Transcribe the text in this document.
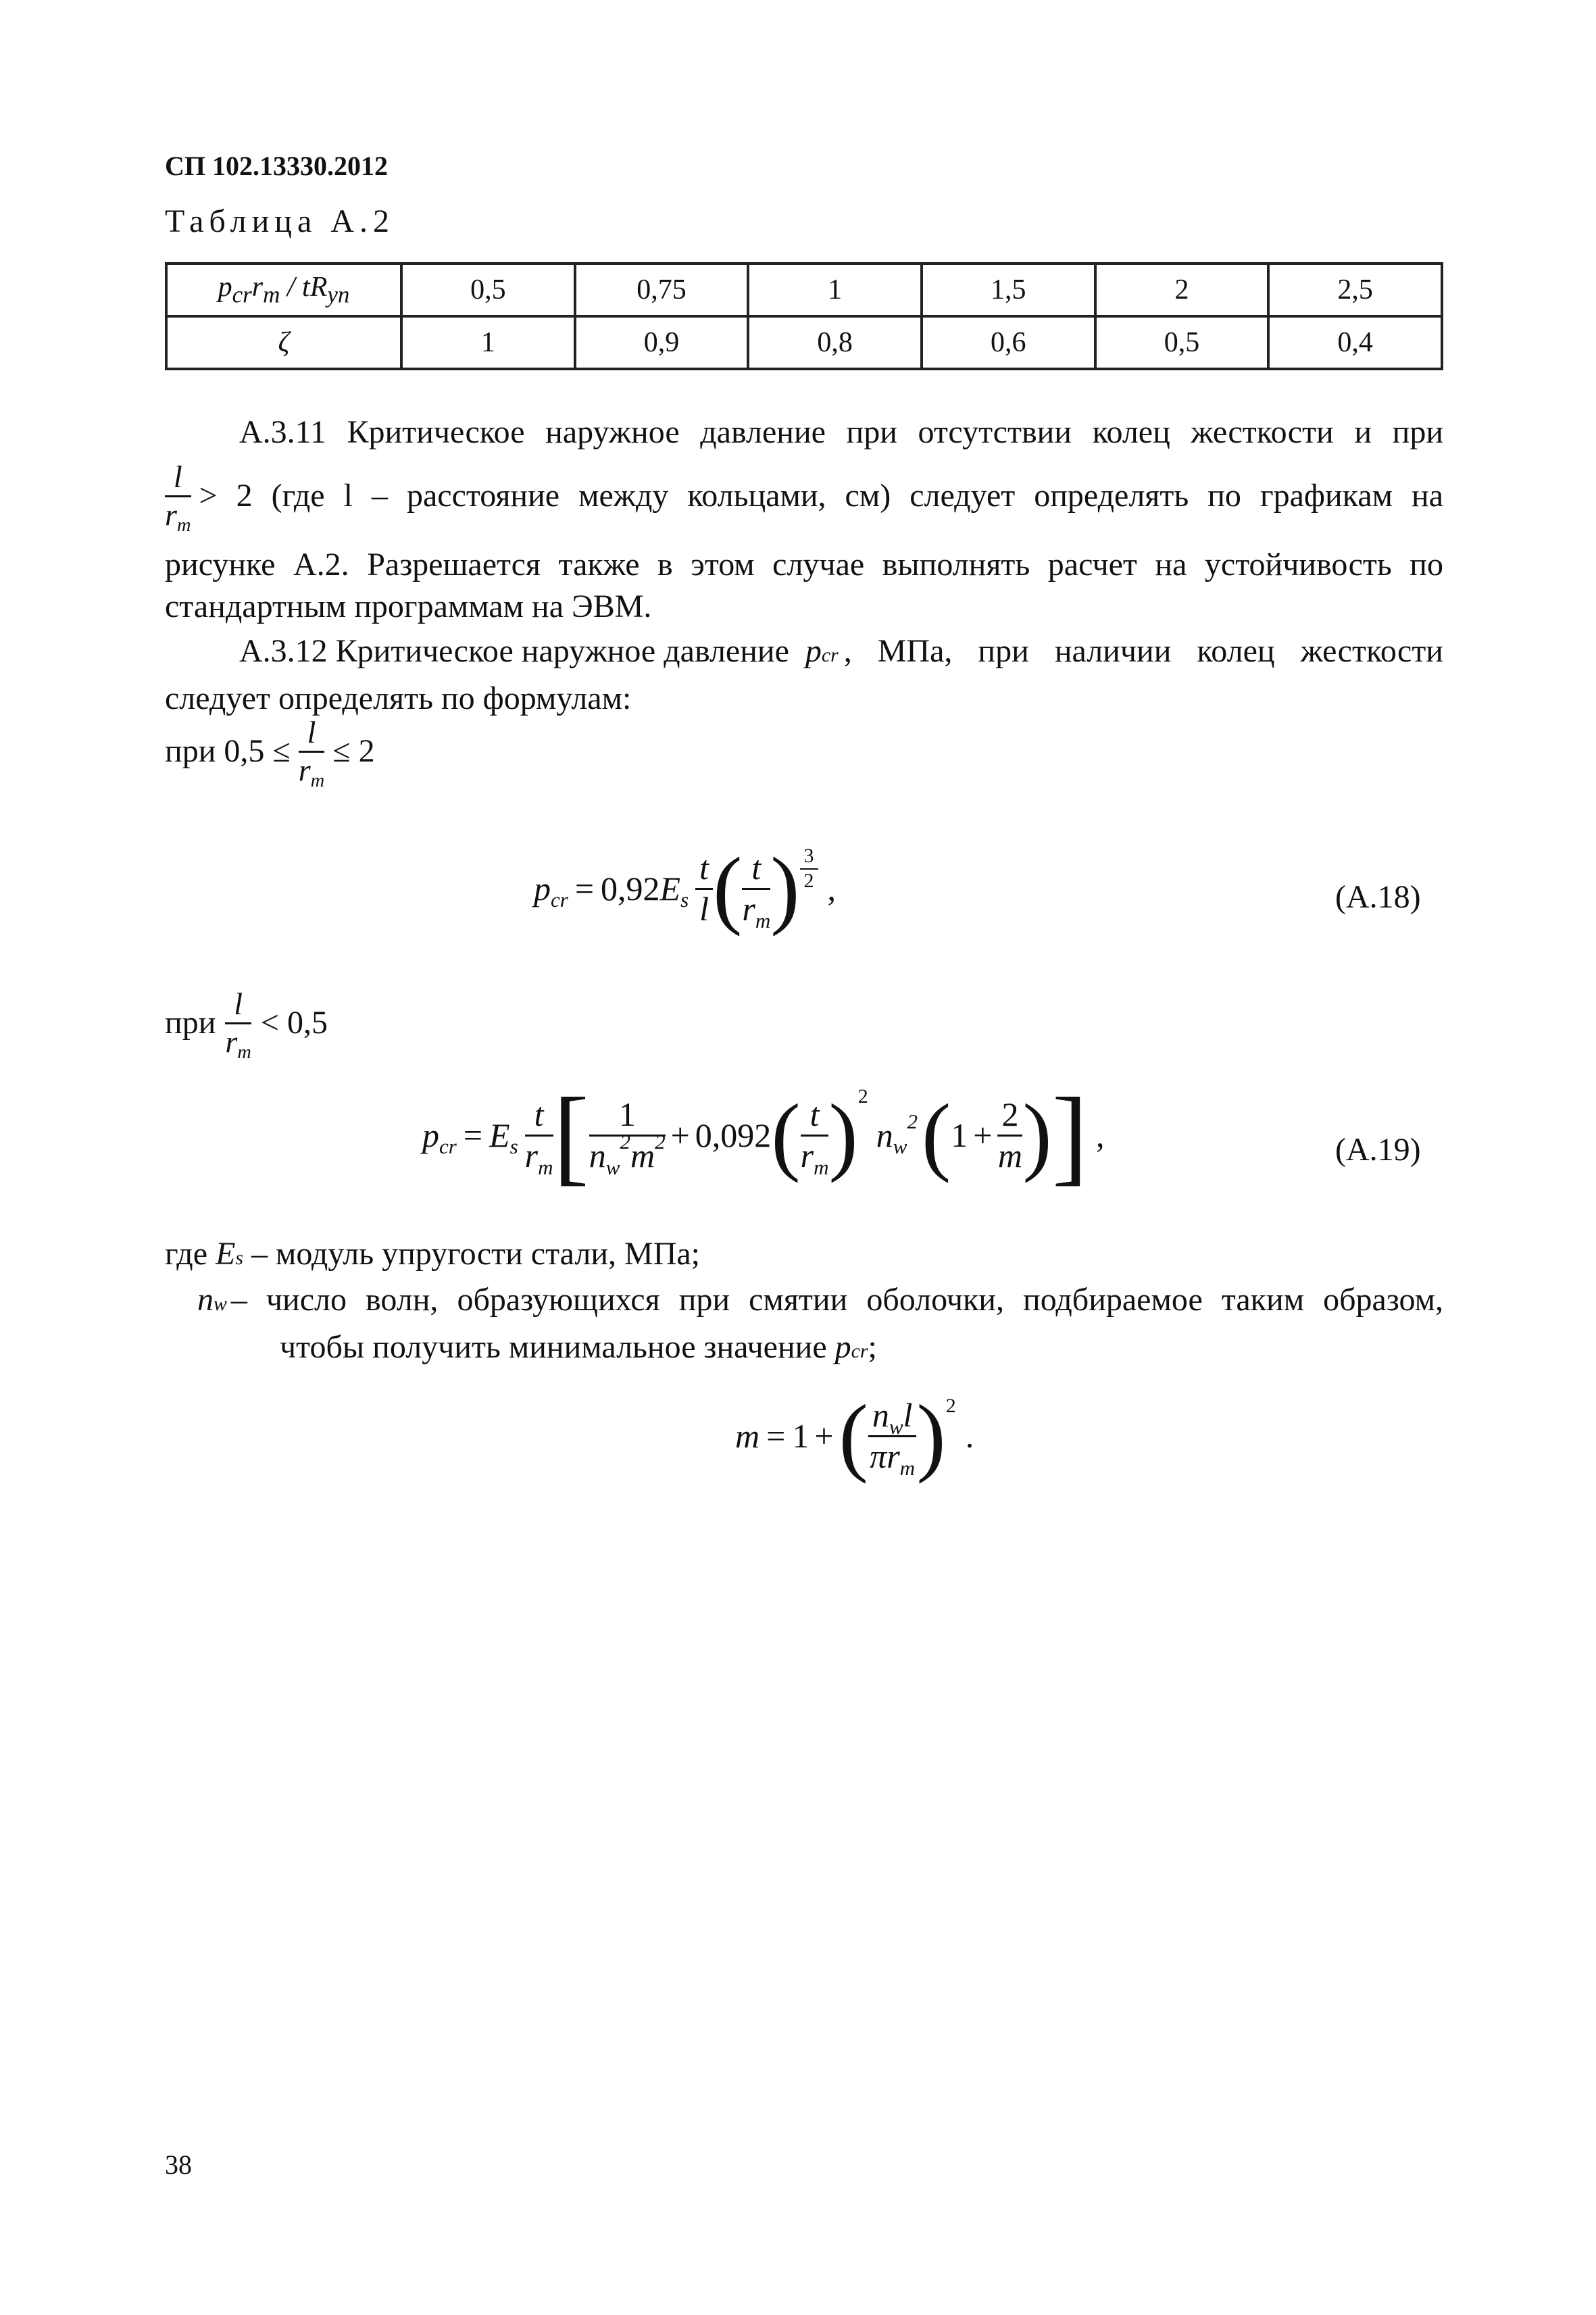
СП 102.13330.2012
Таблица А.2
$p_{cr}r_m / tR_{yn}$	0,5	0,75	1	1,5	2	2,5
ζ	1	0,9	0,8	0,6	0,5	0,4
А.3.11 Критическое наружное давление при отсутствии колец жесткости и при
$\frac{l}{rm} > 2$ (где l – расстояние между кольцами, см) следует определять по графикам на
рисунке А.2. Разрешается также в этом случае выполнять расчет на устойчивость по
стандартным программам на ЭВМ.
А.3.12 Критическое наружное давление pcr , МПа, при наличии колец жесткости
следует определять по формулам:
при $0,5 \le \frac{l}{rm} \le 2$
pcr = 0,92 Es $\frac{t}{l}$ ( $\frac{t}{rm}$ ) $\frac{3}{2}$ ,	(А.18)
при $\frac{l}{rm} < 0,5$
pcr = Es $\frac{t}{rm}$ [ $\frac{1}{nw^2m^2} + 0,092$ ( $\frac{t}{rm}$ ) 2
$nw^2$ ( $1 + \frac{2}{m}$ ) ] ,	(А.19)
где Es – модуль упругости стали, МПа;
nw – число волн, образующихся при смятии оболочки, подбираемое таким образом,
чтобы получить минимальное значение pcr;
m = 1 + ( $\frac{\text{nwl}}{\text{πrm}}$ ) 2
.
38
